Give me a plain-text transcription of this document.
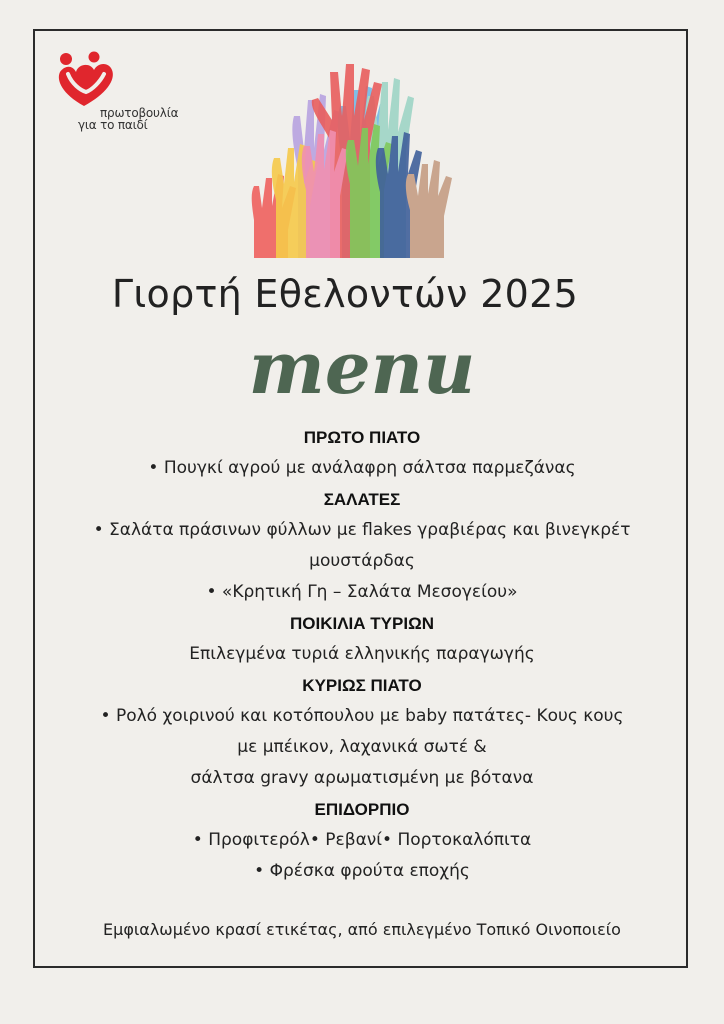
πρωτοβουλία
για το παιδί
Γιορτή Εθελοντών 2025
menu

ΠΡΩΤΟ ΠΙΑΤΟ

• Πουγκί αγρού με ανάλαφρη σάλτσα παρμεζάνας

ΣΑΛΑΤΕΣ

• Σαλάτα πράσινων φύλλων με flakes γραβιέρας και βινεγκρέτ

μουστάρδας

• «Κρητική Γη – Σαλάτα Μεσογείου»

ΠΟΙΚΙΛΙΑ ΤΥΡΙΩΝ

Επιλεγμένα τυριά ελληνικής παραγωγής

ΚΥΡΙΩΣ ΠΙΑΤΟ

• Ρολό χοιρινού και κοτόπουλου με baby πατάτες- Κους κους

με μπέικον, λαχανικά σωτέ &

σάλτσα gravy αρωματισμένη με βότανα

ΕΠΙΔΟΡΠΙΟ

• Προφιτερόλ• Ρεβανί• Πορτοκαλόπιτα

• Φρέσκα φρούτα εποχής

Εμφιαλωμένο κρασί ετικέτας, από επιλεγμένο Τοπικό Οινοποιείο
